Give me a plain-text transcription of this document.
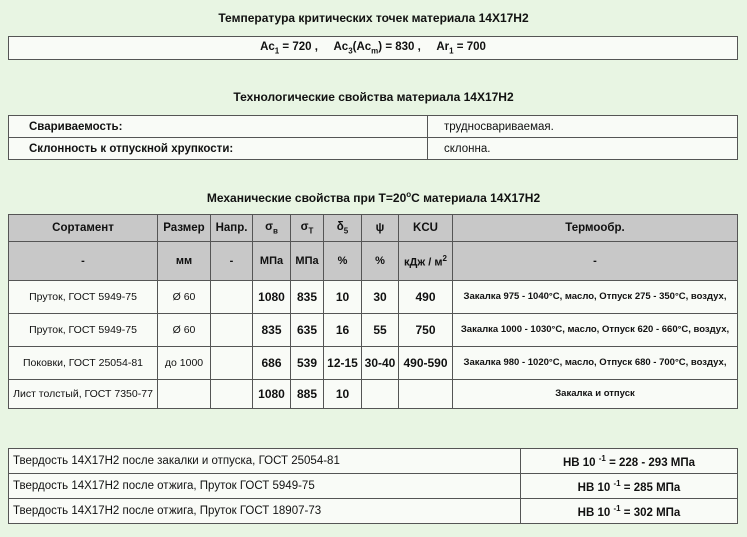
Температура критических точек материала 14Х17Н2
$Ac_1 = 720$ , $Ac_3(Ac_m) = 830$ , $Ar_1 = 700$
Технологические свойства материала 14Х17Н2
Свариваемость:	трудносвариваемая.
Склонность к отпускной хрупкости:	склонна.
Механические свойства при $Т=20^oС$ материала 14Х17Н2
Сортамент	Размер	Напр.	$\sigma_в$	$\sigma_T$	$\delta_5$	ψ	KCU	Термообр.
-	мм	-	МПа	МПа	%	%	кДж / $м^2$	-
Пруток, ГОСТ 5949-75	Ø 60		1080	835	10	30	490	Закалка 975 - 1040°С, масло, Отпуск 275 - 350°С, воздух,
Пруток, ГОСТ 5949-75	Ø 60		835	635	16	55	750	Закалка 1000 - 1030°С, масло, Отпуск 620 - 660°С, воздух,
Поковки, ГОСТ 25054-81	до 1000		686	539	12-15	30-40	490-590	Закалка 980 - 1020°С, масло, Отпуск 680 - 700°С, воздух,
Лист толстый, ГОСТ 7350-77			1080	885	10			Закалка и отпуск
Твердость 14Х17Н2 после закалки и отпуска, ГОСТ 25054-81	HB 10 $^{-1}$ = 228 - 293 МПа
Твердость 14Х17Н2 после отжига, Пруток ГОСТ 5949-75	HB 10 $^{-1}$ = 285 МПа
Твердость 14Х17Н2 после отжига, Пруток ГОСТ 18907-73	HB 10 $^{-1}$ = 302 МПа
